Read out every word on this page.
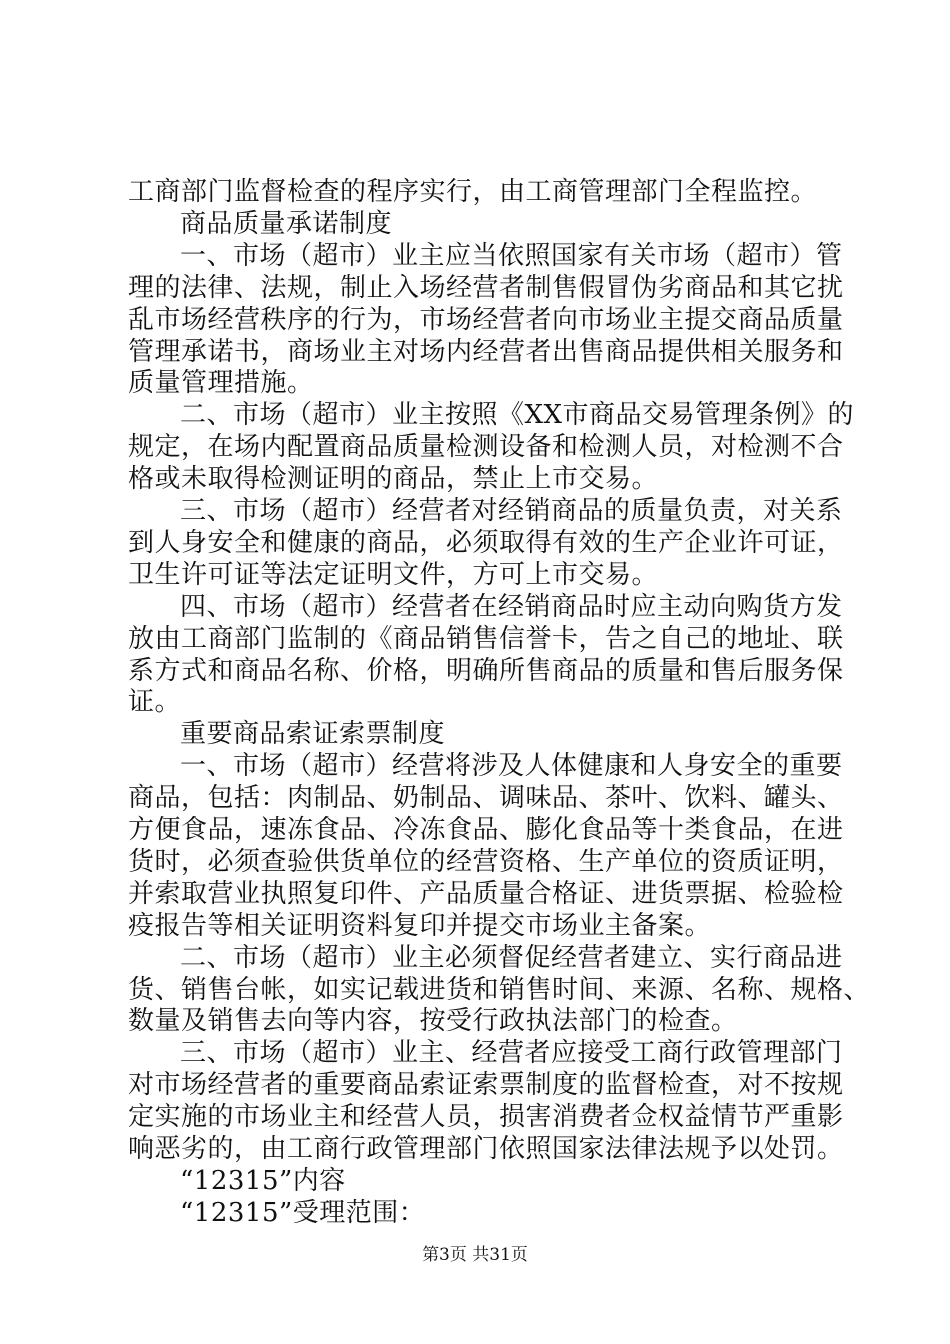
工商部门监督检查的程序实行，由工商管理部门全程监控。
商品质量承诺制度
一、市场（超市）业主应当依照国家有关市场（超市）管
理的法律、法规，制止入场经营者制售假冒伪劣商品和其它扰
乱市场经营秩序的行为，市场经营者向市场业主提交商品质量
管理承诺书，商场业主对场内经营者出售商品提供相关服务和
质量管理措施。
二、市场（超市）业主按照《XX市商品交易管理条例》的
规定，在场内配置商品质量检测设备和检测人员，对检测不合
格或未取得检测证明的商品，禁止上市交易。
三、市场（超市）经营者对经销商品的质量负责，对关系
到人身安全和健康的商品，必须取得有效的生产企业许可证，
卫生许可证等法定证明文件，方可上市交易。
四、市场（超市）经营者在经销商品时应主动向购货方发
放由工商部门监制的《商品销售信誉卡，告之自己的地址、联
系方式和商品名称、价格，明确所售商品的质量和售后服务保
证。
重要商品索证索票制度
一、市场（超市）经营将涉及人体健康和人身安全的重要
商品，包括：肉制品、奶制品、调味品、茶叶、饮料、罐头、
方便食品，速冻食品、冷冻食品、膨化食品等十类食品，在进
货时，必须查验供货单位的经营资格、生产单位的资质证明，
并索取营业执照复印件、产品质量合格证、进货票据、检验检
疫报告等相关证明资料复印并提交市场业主备案。
二、市场（超市）业主必须督促经营者建立、实行商品进
货、销售台帐，如实记载进货和销售时间、来源、名称、规格、
数量及销售去向等内容，按受行政执法部门的检查。
三、市场（超市）业主、经营者应接受工商行政管理部门
对市场经营者的重要商品索证索票制度的监督检查，对不按规
定实施的市场业主和经营人员，损害消费者佥权益情节严重影
响恶劣的，由工商行政管理部门依照国家法律法规予以处罚。
第3页 共31页
“12315”内容
“12315”受理范围：
